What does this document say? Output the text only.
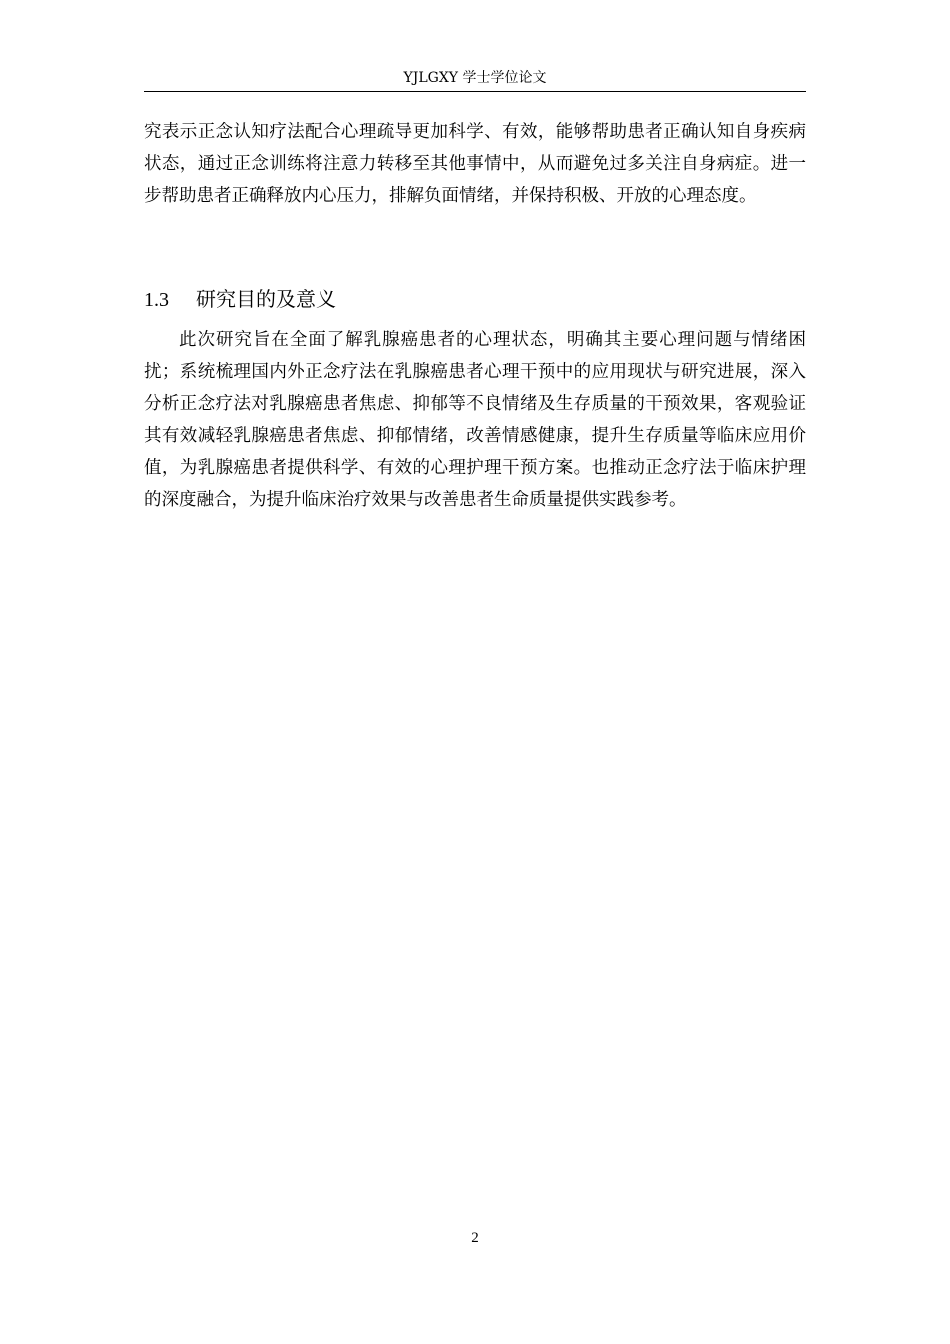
YJLGXY 学士学位论文

究表示正念认知疗法配合心理疏导更加科学、有效，能够帮助患者正确认知自身疾病状态，通过正念训练将注意力转移至其他事情中，从而避免过多关注自身病症。进一步帮助患者正确释放内心压力，排解负面情绪，并保持积极、开放的心理态度。

1.3 研究目的及意义

此次研究旨在全面了解乳腺癌患者的心理状态，明确其主要心理问题与情绪困扰；系统梳理国内外正念疗法在乳腺癌患者心理干预中的应用现状与研究进展，深入分析正念疗法对乳腺癌患者焦虑、抑郁等不良情绪及生存质量的干预效果，客观验证其有效减轻乳腺癌患者焦虑、抑郁情绪，改善情感健康，提升生存质量等临床应用价值，为乳腺癌患者提供科学、有效的心理护理干预方案。也推动正念疗法于临床护理的深度融合，为提升临床治疗效果与改善患者生命质量提供实践参考。

2
